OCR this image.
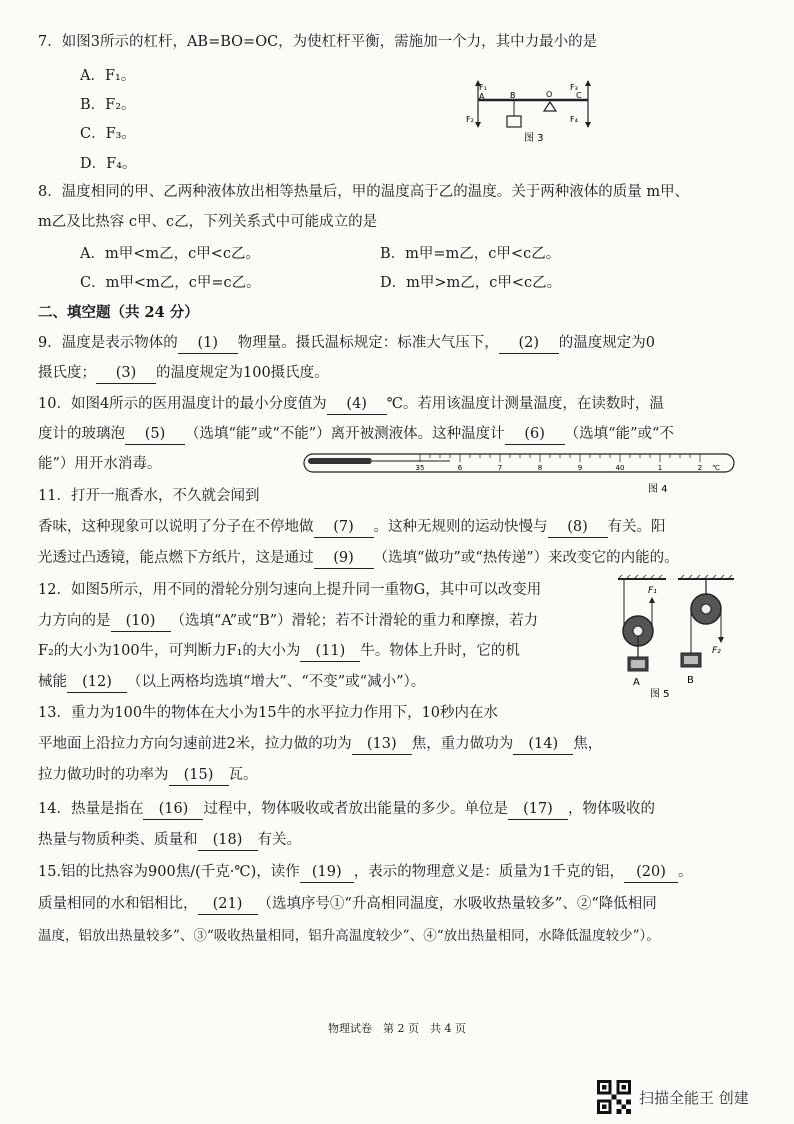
7．如图3所示的杠杆，AB=BO=OC，为使杠杆平衡，需施加一个力，其中力最小的是
A．F₁。
B．F₂。
C．F₃。
D．F₄。
F₁
A	B	O
F₃
C
F₂	F₄
图 3
8．温度相同的甲、乙两种液体放出相等热量后，甲的温度高于乙的温度。关于两种液体的质量 m甲、
m乙及比热容 c甲、c乙，下列关系式中可能成立的是
A．m甲<m乙，c甲<c乙。	B．m甲=m乙，c甲<c乙。
C．m甲<m乙，c甲=c乙。	D．m甲>m乙，c甲<c乙。
二、填空题（共 24 分）
9．温度是表示物体的 (1) 物理量。摄氏温标规定：标准大气压下， (2) 的温度规定为0
摄氏度； (3) 的温度规定为100摄氏度。
10．如图4所示的医用温度计的最小分度值为 (4) ℃。若用该温度计测量温度，在读数时，温
度计的玻璃泡 (5) （选填“能”或“不能”）离开被测液体。这种温度计 (6) （选填“能”或“不
能”）用开水消毒。	35	6	7	8	9	40	1	2 ℃
图 4
11．打开一瓶香水，不久就会闻到
香味，这种现象可以说明了分子在不停地做 (7) 。这种无规则的运动快慢与 (8) 有关。阳
光透过凸透镜，能点燃下方纸片，这是通过 (9) （选填“做功”或“热传递”）来改变它的内能的。
12．如图5所示，用不同的滑轮分别匀速向上提升同一重物G，其中可以改变用
力方向的是 (10) （选填“A”或“B”）滑轮；若不计滑轮的重力和摩擦，若力
F₂的大小为100牛，可判断力F₁的大小为 (11) 牛。物体上升时，它的机
械能 (12) （以上两格均选填“增大”、“不变”或“减小”）。
F₁
F₂
A	B
图 5
13．重力为100牛的物体在大小为15牛的水平拉力作用下，10秒内在水
平地面上沿拉力方向匀速前进2米，拉力做的功为 (13) 焦，重力做功为 (14) 焦，
拉力做功时的功率为 (15) 瓦。
14．热量是指在 (16) 过程中，物体吸收或者放出能量的多少。单位是 (17) ，物体吸收的
热量与物质种类、质量和 (18) 有关。
15.铝的比热容为900焦/(千克·℃)，读作 (19) ，表示的物理意义是：质量为1千克的铝， (20) 。
质量相同的水和铝相比， (21) （选填序号①“升高相同温度，水吸收热量较多”、②“降低相同
温度，铝放出热量较多”、③“吸收热量相同，铝升高温度较少”、④“放出热量相同，水降低温度较少”）。
物理试卷　第 2 页　共 4 页
扫描全能王 创建
